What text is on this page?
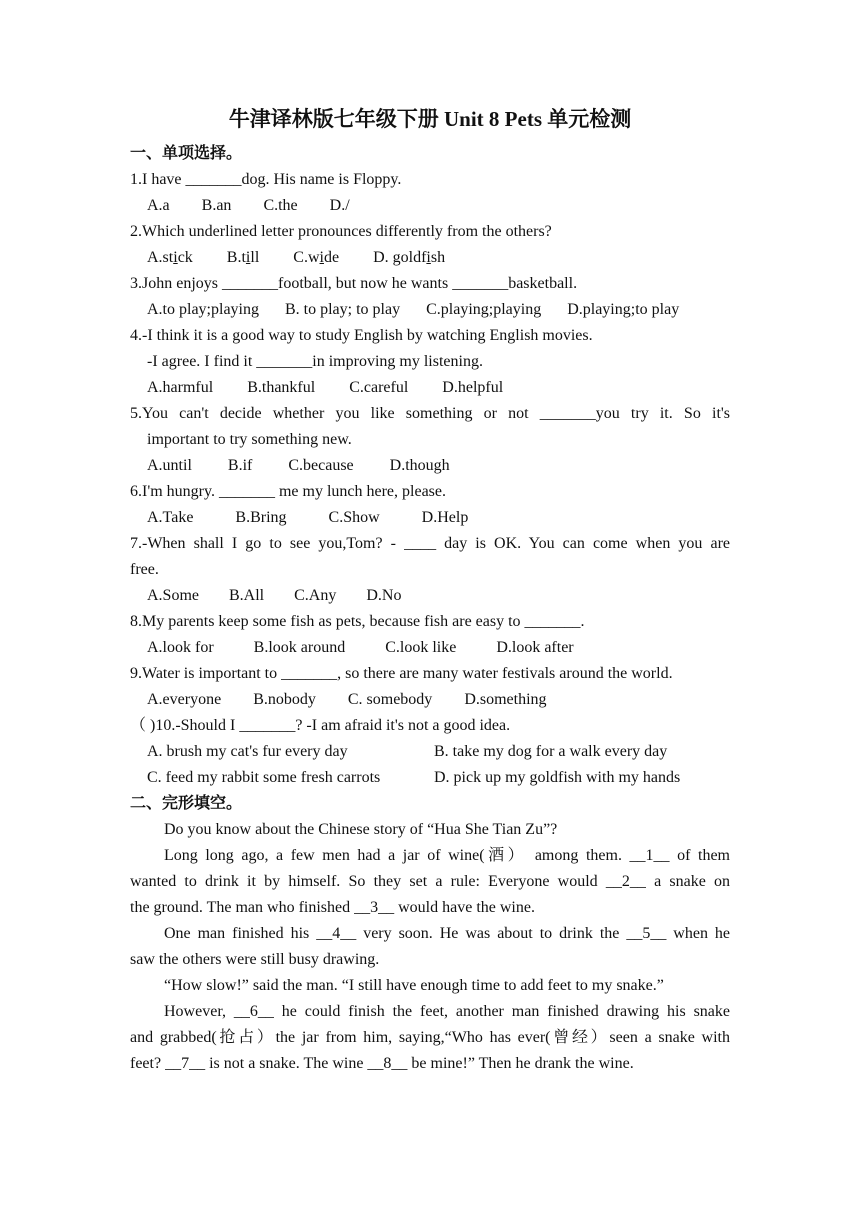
牛津译林版七年级下册 Unit 8 Pets 单元检测
一、单项选择。
1.I have _______dog. His name is Floppy.
A.a B.an C.the D./
2.Which underlined letter pronounces differently from the others?
A.stick B.till C.wide D. goldfish
3.John enjoys _______football, but now he wants _______basketball.
A.to play;playing B. to play; to play C.playing;playing D.playing;to play
4.-I think it is a good way to study English by watching English movies.
-I agree. I find it _______in improving my listening.
A.harmful B.thankful C.careful D.helpful
5.You can't decide whether you like something or not _______you try it. So it's
important to try something new.
A.until B.if C.because D.though
6.I'm hungry. _______ me my lunch here, please.
A.Take	B.Bring	C.Show	D.Help
7.-When shall I go to see you,Tom? - ____ day is OK. You can come when you are
free.
A.Some B.All C.Any D.No
8.My parents keep some fish as pets, because fish are easy to _______.
A.look for	B.look around	C.look like	D.look after
9.Water is important to _______, so there are many water festivals around the world.
A.everyone B.nobody C. somebody D.something
（ )10.-Should I _______? -I am afraid it's not a good idea.
A. brush my cat's fur every day	B. take my dog for a walk every day
C. feed my rabbit some fresh carrots	D. pick up my goldfish with my hands
二、完形填空。
Do you know about the Chinese story of “Hua She Tian Zu”?
Long long ago, a few men had a jar of wine(酒） among them. __1__ of them
wanted to drink it by himself. So they set a rule: Everyone would __2__ a snake on
the ground. The man who finished __3__ would have the wine.
One man finished his __4__ very soon. He was about to drink the __5__ when he
saw the others were still busy drawing.
“How slow!” said the man. “I still have enough time to add feet to my snake.”
However, __6__ he could finish the feet, another man finished drawing his snake
and grabbed(抢占）the jar from him, saying,“Who has ever(曾经）seen a snake with
feet? __7__ is not a snake. The wine __8__ be mine!” Then he drank the wine.
